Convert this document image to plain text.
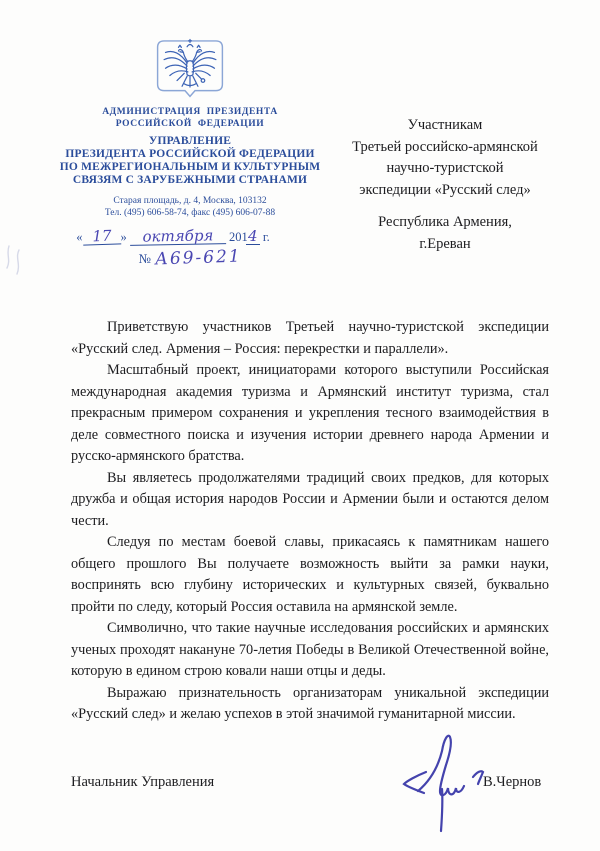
АДМИНИСТРАЦИЯ ПРЕЗИДЕНТА
РОССИЙСКОЙ ФЕДЕРАЦИИ
УПРАВЛЕНИЕ
ПРЕЗИДЕНТА РОССИЙСКОЙ ФЕДЕРАЦИИ
ПО МЕЖРЕГИОНАЛЬНЫМ И КУЛЬТУРНЫМ
СВЯЗЯМ С ЗАРУБЕЖНЫМИ СТРАНАМИ
Старая площадь, д. 4, Москва, 103132
Тел. (495) 606-58-74, факс (495) 606-07-88
« 17 » октября 2014 г.
№ А69-621
Участникам
Третьей российско-армянской
научно-туристской
экспедиции «Русский след»
Республика Армения,
г.Ереван

Приветствую участников Третьей научно-туристской экспедиции «Русский след. Армения – Россия: перекрестки и параллели».

Масштабный проект, инициаторами которого выступили Российская международная академия туризма и Армянский институт туризма, стал прекрасным примером сохранения и укрепления тесного взаимодействия в деле совместного поиска и изучения истории древнего народа Армении и русско-армянского братства.

Вы являетесь продолжателями традиций своих предков, для которых дружба и общая история народов России и Армении были и остаются делом чести.

Следуя по местам боевой славы, прикасаясь к памятникам нашего общего прошлого Вы получаете возможность выйти за рамки науки, воспринять всю глубину исторических и культурных связей, буквально пройти по следу, который Россия оставила на армянской земле.

Символично, что такие научные исследования российских и армянских ученых проходят накануне 70-летия Победы в Великой Отечественной войне, которую в едином строю ковали наши отцы и деды.

Выражаю признательность организаторам уникальной экспедиции «Русский след» и желаю успехов в этой значимой гуманитарной миссии.

Начальник Управления	В.Чернов
